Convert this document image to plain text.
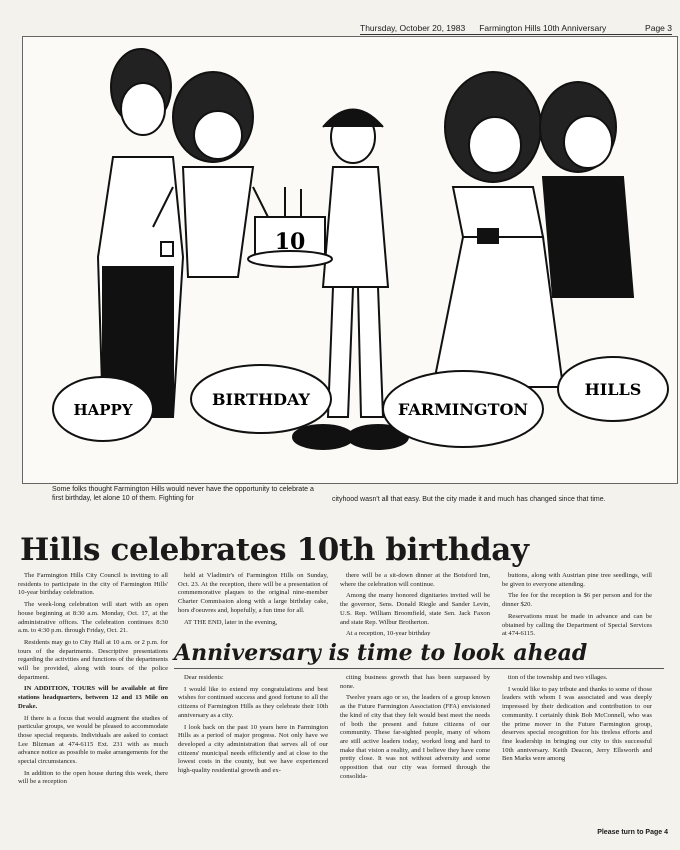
Thursday, October 20, 1983 Farmington Hills 10th Anniversary	Page 3
10
HAPPY
BIRTHDAY
FARMINGTON
HILLS
Some folks thought Farmington Hills would never have the opportunity to celebrate a first birthday, let alone 10 of them. Fighting for	cityhood wasn't all that easy. But the city made it and much has changed since that time.
Hills celebrates 10th birthday

The Farmington Hills City Council is inviting to all residents to participate in the city of Farmington Hills' 10-year birthday celebration.

The week-long celebration will start with an open house beginning at 8:30 a.m. Monday, Oct. 17, at the administrative offices. The celebration continues 8:30 a.m. to 4:30 p.m. through Friday, Oct. 21.

Residents may go to City Hall at 10 a.m. or 2 p.m. for tours of the departments. Descriptive presentations regarding the activities and functions of the departments will be provided, along with tours of the police department.

IN ADDITION, TOURS will be available at fire stations headquarters, between 12 and 13 Mile on Drake.

If there is a focus that would augment the studies of particular groups, we would be pleased to accommodate those special requests. Individuals are asked to contact Lee Blizman at 474-6115 Ext. 231 with as much advance notice as possible to make arrangements for the special circumstances.

In addition to the open house during this week, there will be a reception

held at Vladimir's of Farmington Hills on Sunday, Oct. 23. At the reception, there will be a presentation of commemorative plaques to the original nine-member Charter Commission along with a large birthday cake, hors d'oeuvres and, hopefully, a fun time for all.

AT THE END, later in the evening,

there will be a sit-down dinner at the Botsford Inn, where the celebration will continue.

Among the many honored dignitaries invited will be the governor, Sens. Donald Riegle and Sander Levin, U.S. Rep. William Broomfield, state Sen. Jack Faxon and state Rep. Wilbur Brotherton.

At a reception, 10-year birthday

buttons, along with Austrian pine tree seedlings, will be given to everyone attending.

The fee for the reception is $6 per person and for the dinner $20.

Reservations must be made in advance and can be obtained by calling the Department of Special Services at 474-6115.

Anniversary is time to look ahead

Dear residents:

I would like to extend my congratulations and best wishes for continued success and good fortune to all the citizens of Farmington Hills as they celebrate their 10th anniversary as a city.

I look back on the past 10 years here in Farmington Hills as a period of major progress. Not only have we developed a city administration that serves all of our citizens' municipal needs efficiently and at close to the lowest costs in the county, but we have experienced high-quality residential growth and ex-

citing business growth that has been surpassed by none.

Twelve years ago or so, the leaders of a group known as the Future Farmington Association (FFA) envisioned the kind of city that they felt would best meet the needs of both the present and future citizens of our community. These far-sighted people, many of whom are still active leaders today, worked long and hard to make that vision a reality, and I believe they have come pretty close. It was not without adversity and some opposition that our city was formed through the consolida-

tion of the township and two villages.

I would like to pay tribute and thanks to some of those leaders with whom I was associated and was deeply impressed by their dedication and contribution to our community. I certainly think Bob McConnell, who was the prime mover in the Future Farmington group, deserves special recognition for his tireless efforts and fine leadership in bringing our city to this successful 10th anniversary. Keith Deacon, Jerry Ellsworth and Ben Marks were among

Please turn to Page 4
